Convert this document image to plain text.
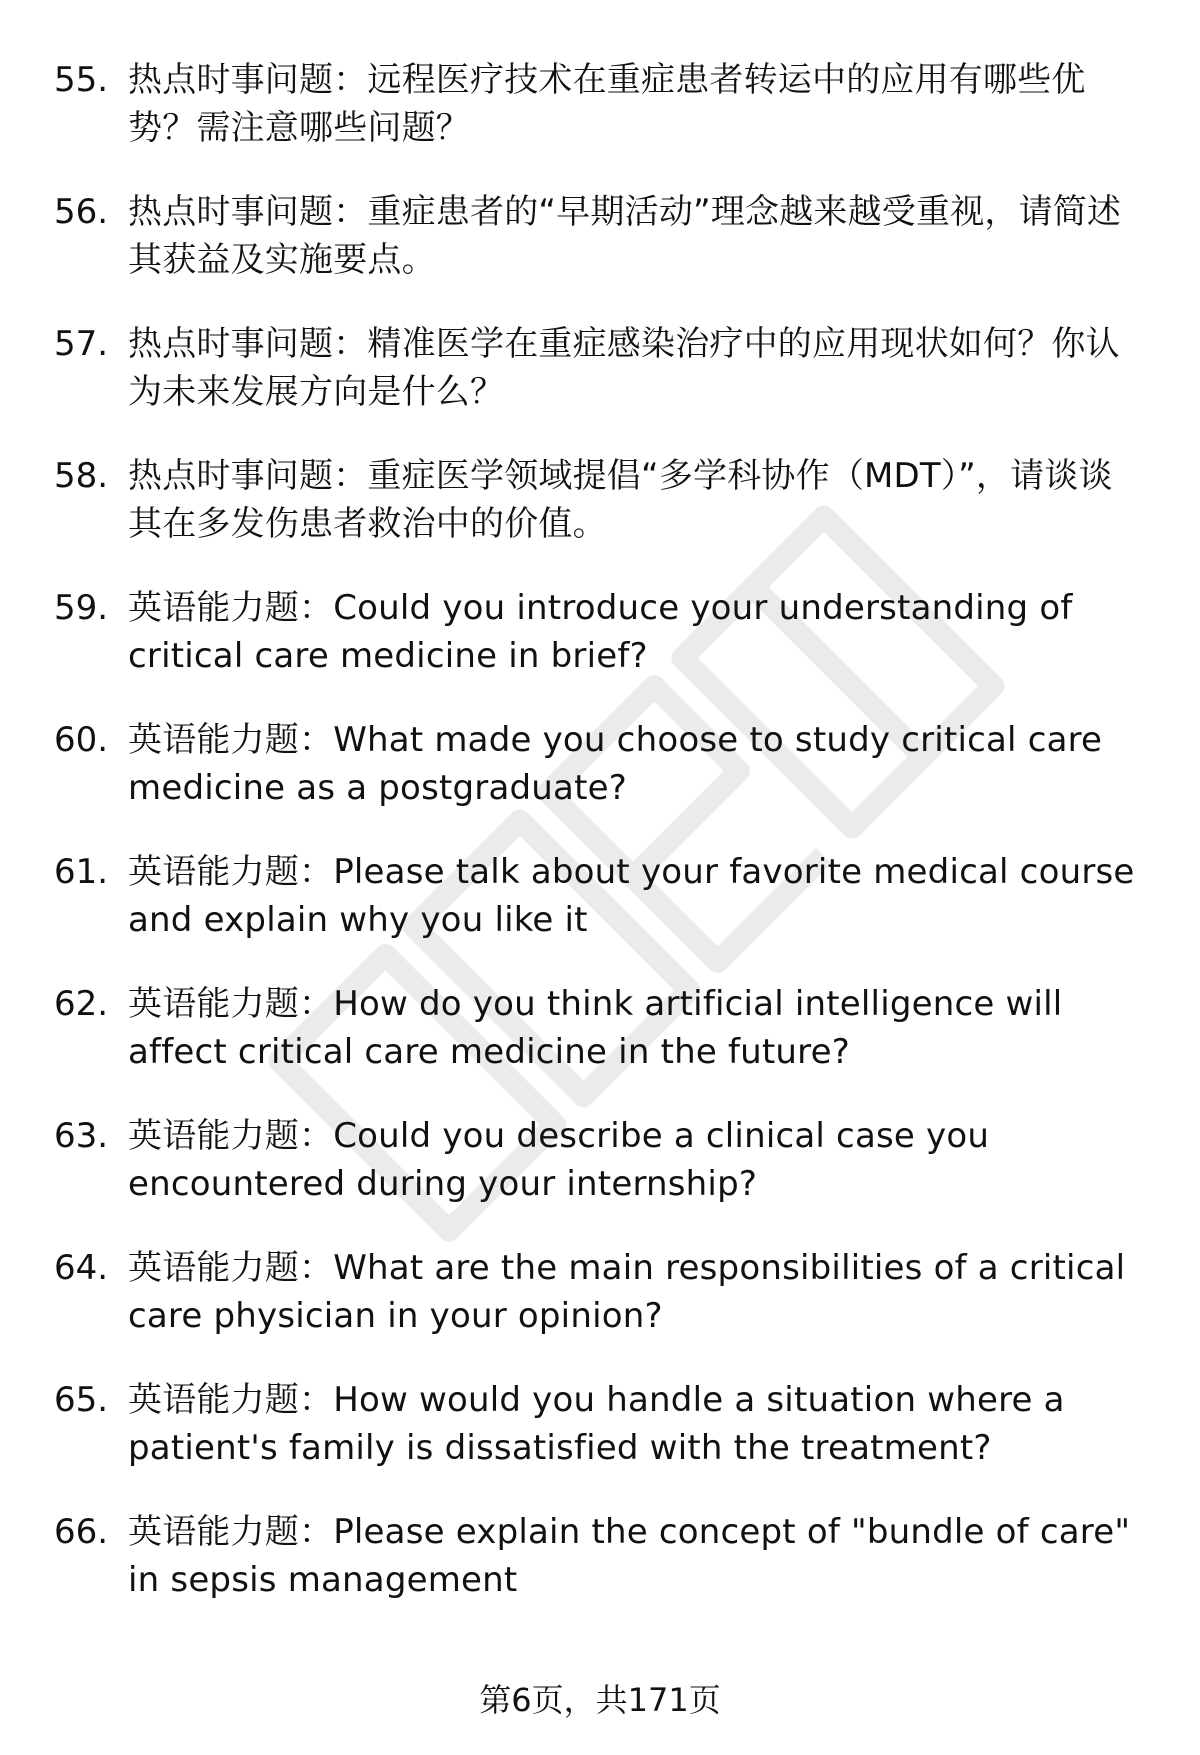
55. 热点时事问题：远程医疗技术在重症患者转运中的应用有哪些优势？需注意哪些问题？
56. 热点时事问题：重症患者的“早期活动”理念越来越受重视，请简述其获益及实施要点。
57. 热点时事问题：精准医学在重症感染治疗中的应用现状如何？你认为未来发展方向是什么？
58. 热点时事问题：重症医学领域提倡“多学科协作（MDT）”，请谈谈其在多发伤患者救治中的价值。
59. 英语能力题：Could you introduce your understanding of critical care medicine in brief?
60. 英语能力题：What made you choose to study critical care medicine as a postgraduate?
61. 英语能力题：Please talk about your favorite medical course and explain why you like it
62. 英语能力题：How do you think artificial intelligence will affect critical care medicine in the future?
63. 英语能力题：Could you describe a clinical case you encountered during your internship?
64. 英语能力题：What are the main responsibilities of a critical care physician in your opinion?
65. 英语能力题：How would you handle a situation where a patient's family is dissatisfied with the treatment?
66. 英语能力题：Please explain the concept of "bundle of care" in sepsis management
第6页，共171页
